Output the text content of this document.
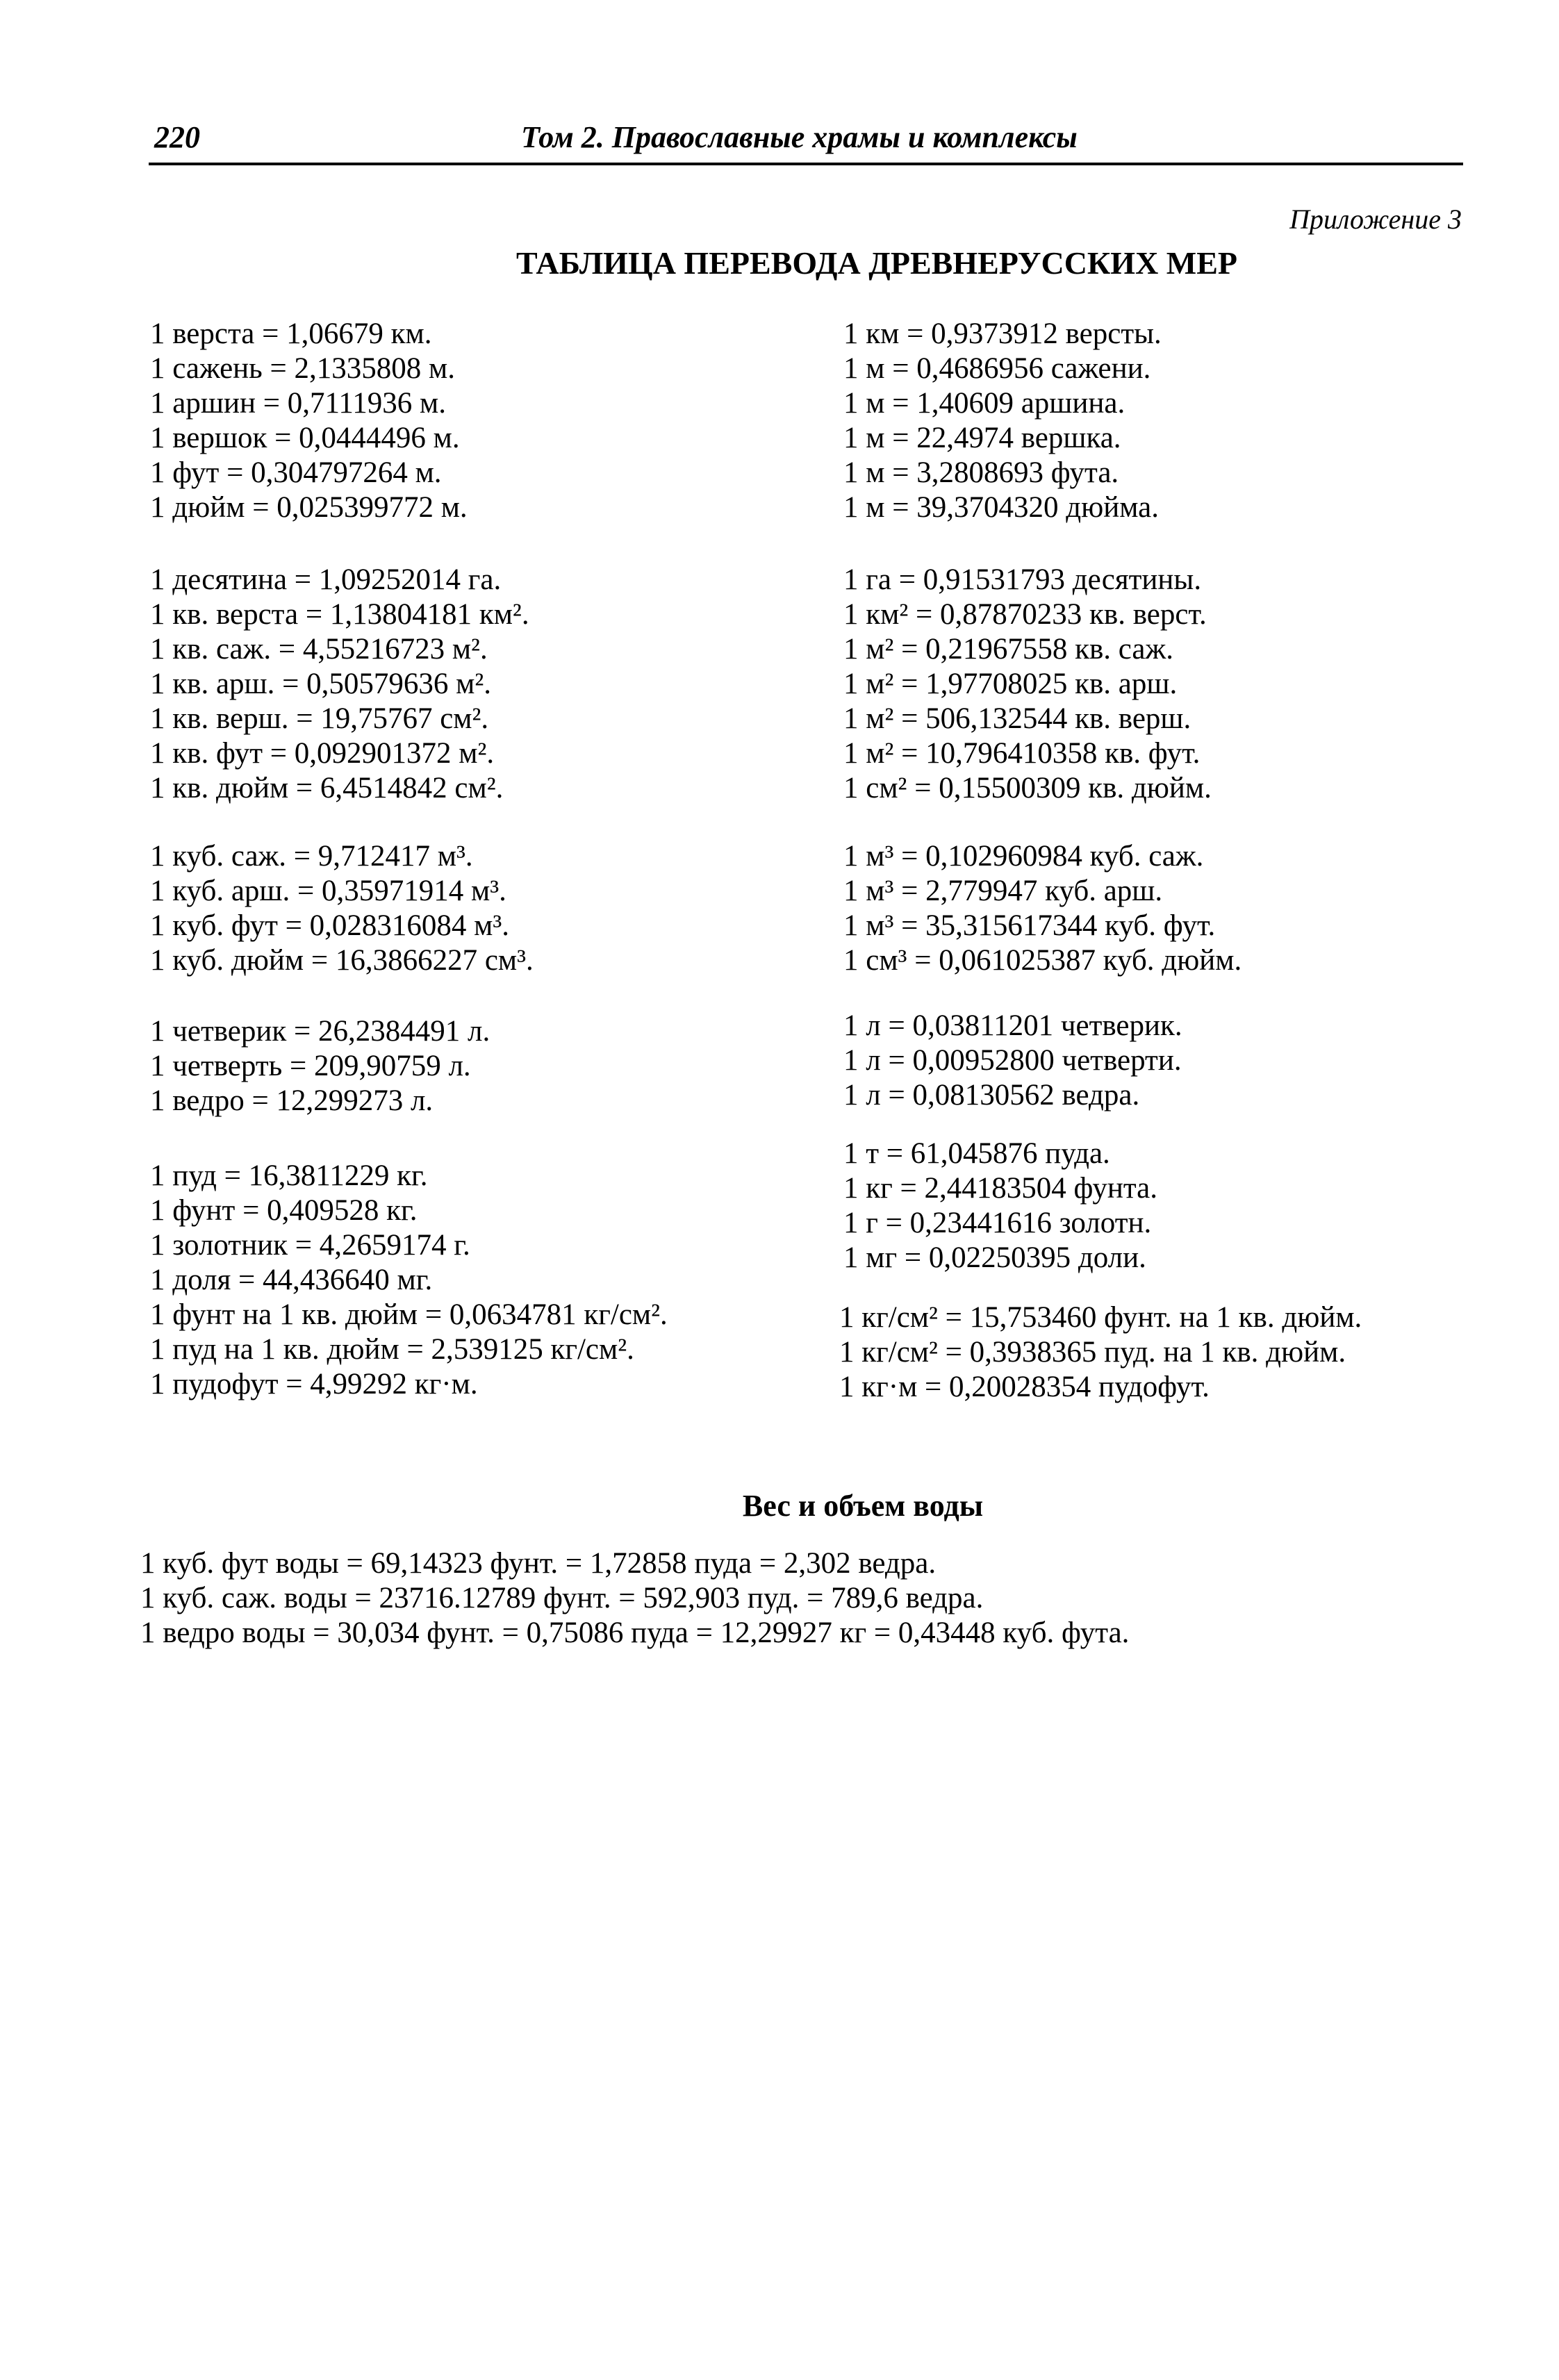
220	Том 2. Православные храмы и комплексы
Приложение 3
ТАБЛИЦА ПЕРЕВОДА ДРЕВНЕРУССКИХ МЕР
1 верста = 1,06679 км.
1 сажень = 2,1335808 м.
1 аршин = 0,7111936 м.
1 вершок = 0,0444496 м.
1 фут = 0,304797264 м.
1 дюйм = 0,025399772 м.
1 км = 0,9373912 версты.
1 м = 0,4686956 сажени.
1 м = 1,40609 аршина.
1 м = 22,4974 вершка.
1 м = 3,2808693 фута.
1 м = 39,3704320 дюйма.
1 десятина = 1,09252014 га.
1 кв. верста = 1,13804181 км².
1 кв. саж. = 4,55216723 м².
1 кв. арш. = 0,50579636 м².
1 кв. верш. = 19,75767 см².
1 кв. фут = 0,092901372 м².
1 кв. дюйм = 6,4514842 см².
1 га = 0,91531793 десятины.
1 км² = 0,87870233 кв. верст.
1 м² = 0,21967558 кв. саж.
1 м² = 1,97708025 кв. арш.
1 м² = 506,132544 кв. верш.
1 м² = 10,796410358 кв. фут.
1 см² = 0,15500309 кв. дюйм.
1 куб. саж. = 9,712417 м³.
1 куб. арш. = 0,35971914 м³.
1 куб. фут = 0,028316084 м³.
1 куб. дюйм = 16,3866227 см³.
1 м³ = 0,102960984 куб. саж.
1 м³ = 2,779947 куб. арш.
1 м³ = 35,315617344 куб. фут.
1 см³ = 0,061025387 куб. дюйм.
1 четверик = 26,2384491 л.
1 четверть = 209,90759 л.
1 ведро = 12,299273 л.
1 л = 0,03811201 четверик.
1 л = 0,00952800 четверти.
1 л = 0,08130562 ведра.
1 пуд = 16,3811229 кг.
1 фунт = 0,409528 кг.
1 золотник = 4,2659174 г.
1 доля = 44,436640 мг.
1 фунт на 1 кв. дюйм = 0,0634781 кг/см².
1 пуд на 1 кв. дюйм = 2,539125 кг/см².
1 пудофут = 4,99292 кг·м.
1 т = 61,045876 пуда.
1 кг = 2,44183504 фунта.
1 г = 0,23441616 золотн.
1 мг = 0,02250395 доли.
1 кг/см² = 15,753460 фунт. на 1 кв. дюйм.
1 кг/см² = 0,3938365 пуд. на 1 кв. дюйм.
1 кг·м = 0,20028354 пудофут.
Вес и объем воды
1 куб. фут воды = 69,14323 фунт. = 1,72858 пуда = 2,302 ведра.
1 куб. саж. воды = 23716.12789 фунт. = 592,903 пуд. = 789,6 ведра.
1 ведро воды = 30,034 фунт. = 0,75086 пуда = 12,29927 кг = 0,43448 куб. фута.
